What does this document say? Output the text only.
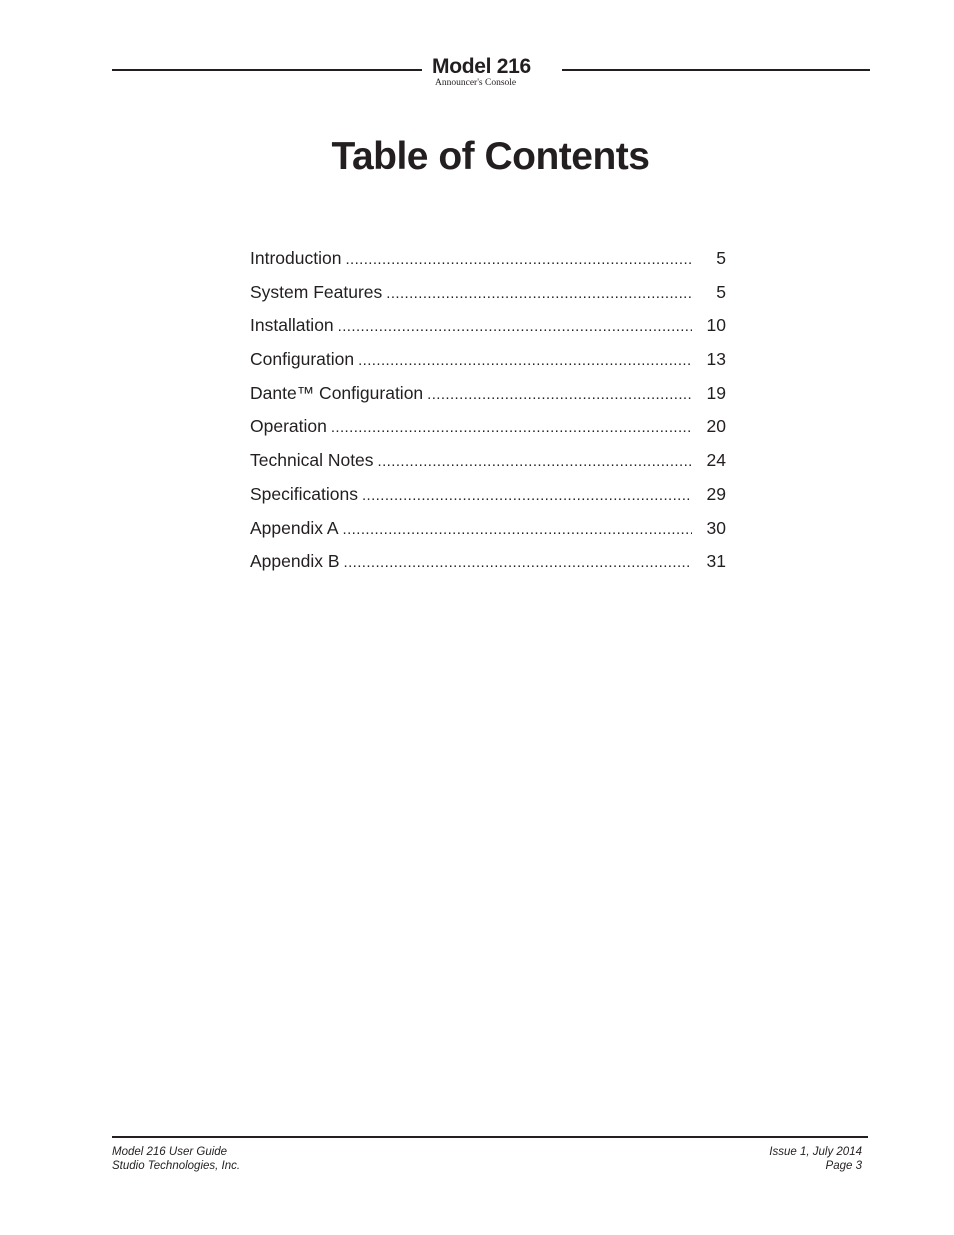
Model 216

Announcer's Console

Table of Contents
Introduction .....	5
System Features .....	5
Installation .....	10
Configuration .....	13
Dante™ Configuration .....	19
Operation .....	20
Technical Notes .....	24
Specifications .....	29
Appendix A .....	30
Appendix B .....	31
Model 216 User Guide
Studio Technologies, Inc.
Issue 1, July 2014
Page 3
